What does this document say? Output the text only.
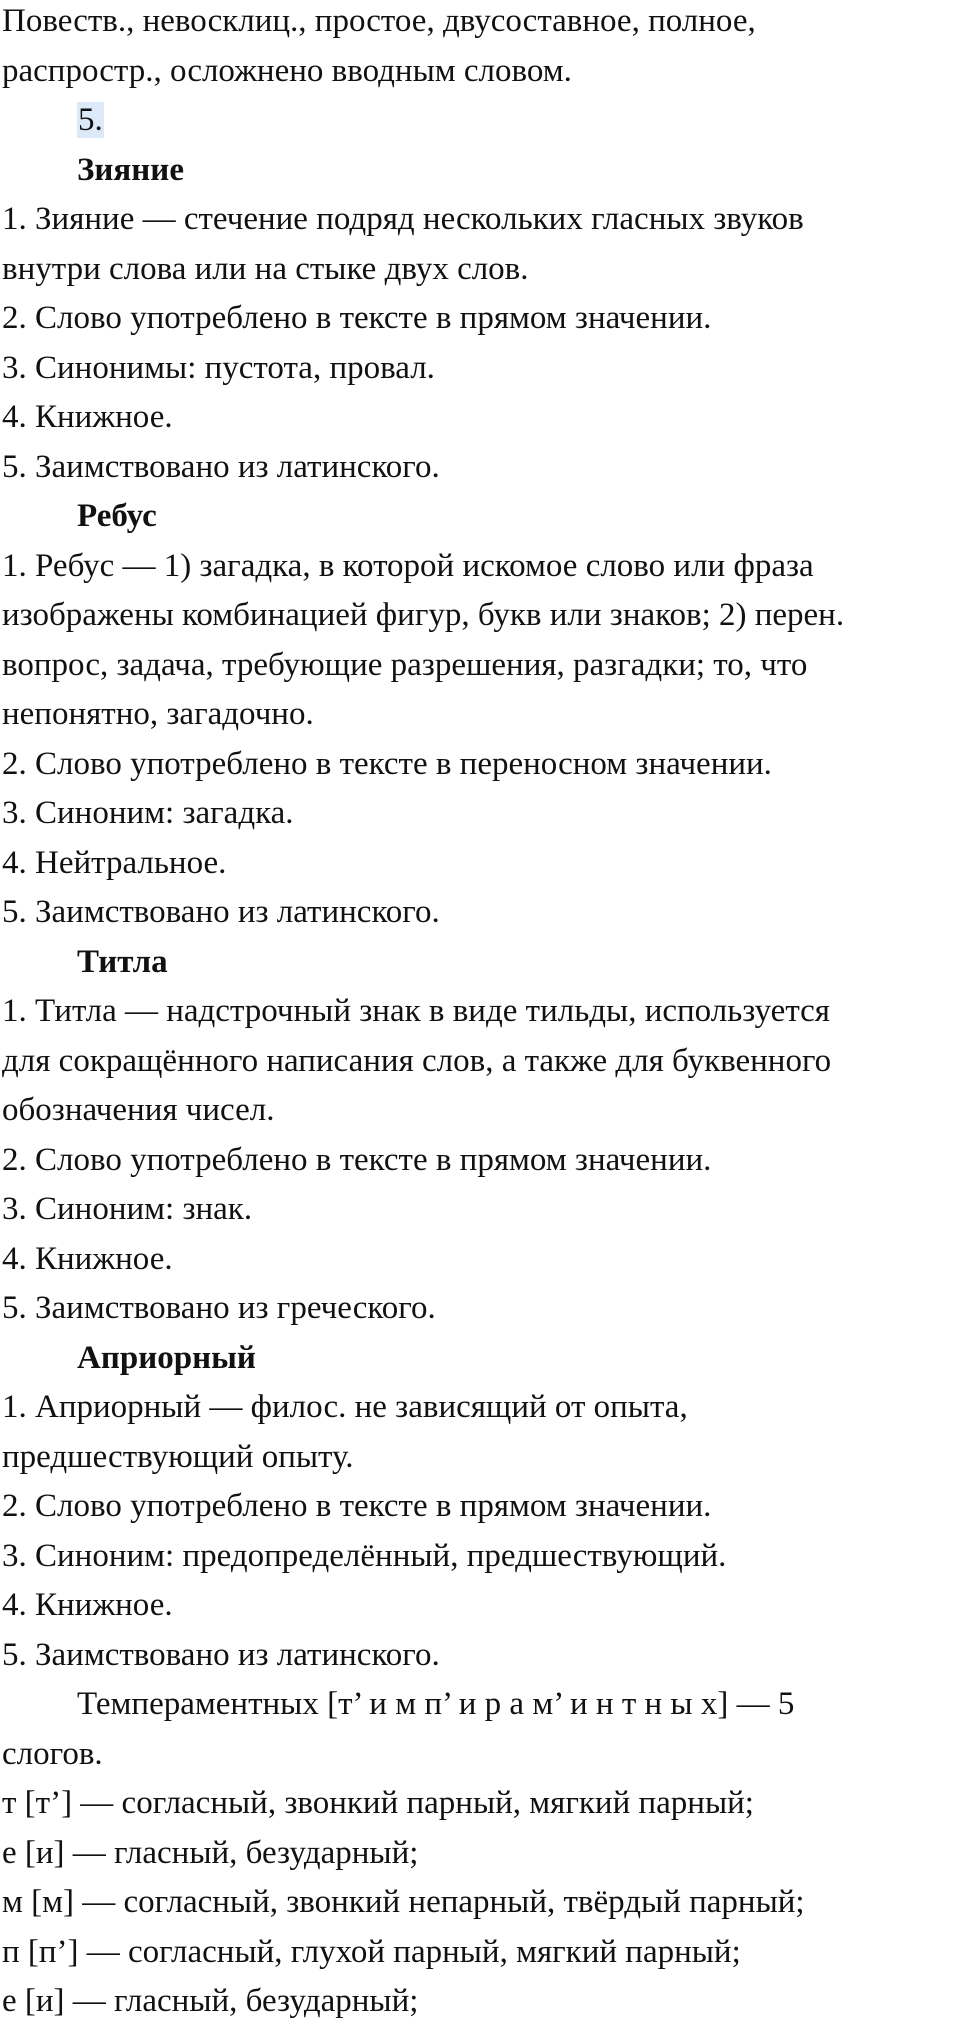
Повеств., невосклиц., простое, двусоставное, полное,
распростр., осложнено вводным словом.
5.
Зияние
1. Зияние — стечение подряд нескольких гласных звуков
внутри слова или на стыке двух слов.
2. Слово употреблено в тексте в прямом значении.
3. Синонимы: пустота, провал.
4. Книжное.
5. Заимствовано из латинского.
Ребус
1. Ребус — 1) загадка, в которой искомое слово или фраза
изображены комбинацией фигур, букв или знаков; 2) перен.
вопрос, задача, требующие разрешения, разгадки; то, что
непонятно, загадочно.
2. Слово употреблено в тексте в переносном значении.
3. Синоним: загадка.
4. Нейтральное.
5. Заимствовано из латинского.
Титла
1. Титла — надстрочный знак в виде тильды, используется
для сокращённого написания слов, а также для буквенного
обозначения чисел.
2. Слово употреблено в тексте в прямом значении.
3. Синоним: знак.
4. Книжное.
5. Заимствовано из греческого.
Априорный
1. Априорный — филос. не зависящий от опыта,
предшествующий опыту.
2. Слово употреблено в тексте в прямом значении.
3. Синоним: предопределённый, предшествующий.
4. Книжное.
5. Заимствовано из латинского.
Темпераментных [т’ и м п’ и р а м’ и н т н ы х] — 5
слогов.
т [т’] — согласный, звонкий парный, мягкий парный;
е [и] — гласный, безударный;
м [м] — согласный, звонкий непарный, твёрдый парный;
п [п’] — согласный, глухой парный, мягкий парный;
е [и] — гласный, безударный;
